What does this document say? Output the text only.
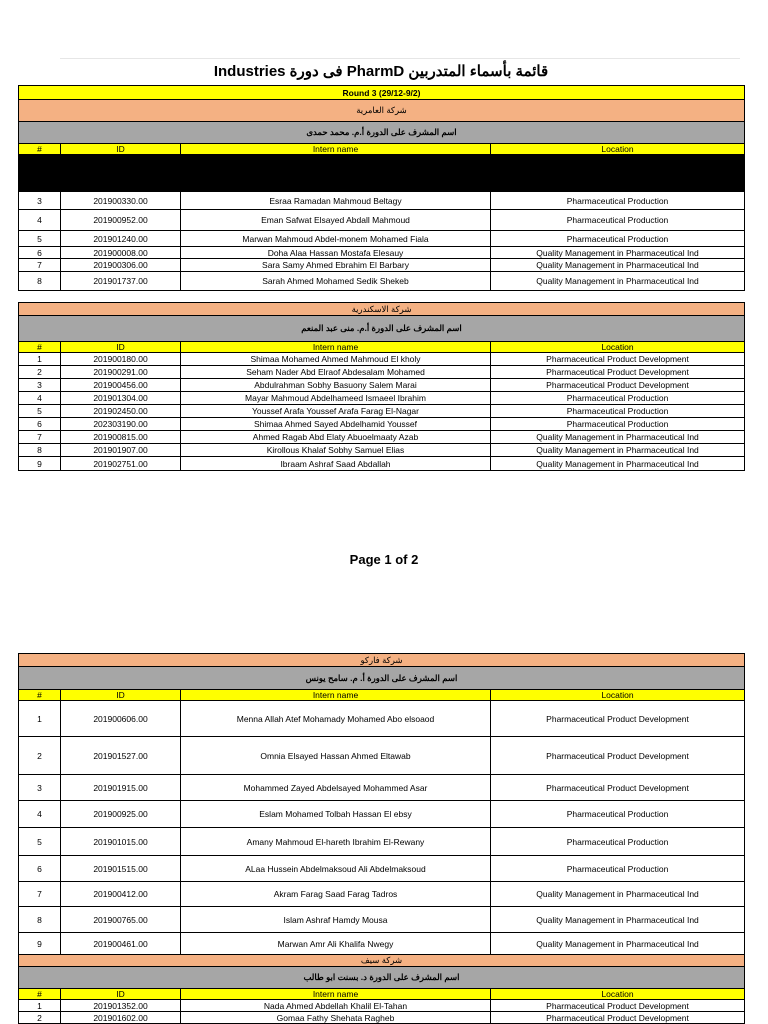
قائمة بأسماء المتدربين PharmD فى دورة Industries
Round 3 (29/12-9/2)			
شركة العامرية			
اسم المشرف على الدورة أ.م. محمد حمدى			
#	ID	Intern name	Location

3	201900330.00	Esraa Ramadan Mahmoud Beltagy	Pharmaceutical Production
4	201900952.00	Eman Safwat Elsayed Abdall Mahmoud	Pharmaceutical Production
5	201901240.00	Marwan Mahmoud Abdel-monem Mohamed Fiala	Pharmaceutical Production
6	201900008.00	Doha Alaa Hassan Mostafa Elesauy	Quality Management in Pharmaceutical Ind
7	201900306.00	Sara Samy Ahmed Ebrahim El Barbary	Quality Management in Pharmaceutical Ind
8	201901737.00	Sarah Ahmed Mohamed Sedik Shekeb	Quality Management in Pharmaceutical Ind
شركة الاسكندرية			
اسم المشرف على الدورة أ.م. منى عبد المنعم			
#	ID	Intern name	Location
1	201900180.00	Shimaa Mohamed Ahmed Mahmoud El kholy	Pharmaceutical Product Development
2	201900291.00	Seham Nader Abd Elraof Abdesalam Mohamed	Pharmaceutical Product Development
3	201900456.00	Abdulrahman Sobhy Basuony Salem Marai	Pharmaceutical Product Development
4	201901304.00	Mayar Mahmoud Abdelhameed Ismaeel Ibrahim	Pharmaceutical Production
5	201902450.00	Youssef Arafa Youssef Arafa Farag El-Nagar	Pharmaceutical Production
6	202303190.00	Shimaa Ahmed Sayed Abdelhamid Youssef	Pharmaceutical Production
7	201900815.00	Ahmed Ragab Abd Elaty Abuoelmaaty Azab	Quality Management in Pharmaceutical Ind
8	201901907.00	Kirollous Khalaf Sobhy Samuel Elias	Quality Management in Pharmaceutical Ind
9	201902751.00	Ibraam Ashraf Saad Abdallah	Quality Management in Pharmaceutical Ind
Page 1 of 2
شركة فاركو			
اسم المشرف على الدورة أ. م. سامح يونس			
#	ID	Intern name	Location
1	201900606.00	Menna Allah Atef Mohamady Mohamed Abo elsoaod	Pharmaceutical Product Development
2	201901527.00	Omnia Elsayed Hassan Ahmed Eltawab	Pharmaceutical Product Development
3	201901915.00	Mohammed Zayed Abdelsayed Mohammed Asar	Pharmaceutical Product Development
4	201900925.00	Eslam Mohamed Tolbah Hassan El ebsy	Pharmaceutical Production
5	201901015.00	Amany Mahmoud El-hareth Ibrahim El-Rewany	Pharmaceutical Production
6	201901515.00	ALaa Hussein Abdelmaksoud Ali Abdelmaksoud	Pharmaceutical Production
7	201900412.00	Akram Farag Saad Farag Tadros	Quality Management in Pharmaceutical Ind
8	201900765.00	Islam Ashraf Hamdy Mousa	Quality Management in Pharmaceutical Ind
9	201900461.00	Marwan Amr Ali Khalifa Nwegy	Quality Management in Pharmaceutical Ind
شركة سيف			
اسم المشرف على الدورة د. بسنت ابو طالب			
#	ID	Intern name	Location
1	201901352.00	Nada Ahmed Abdellah Khalil El-Tahan	Pharmaceutical Product Development
2	201901602.00	Gomaa Fathy Shehata Ragheb	Pharmaceutical Product Development
